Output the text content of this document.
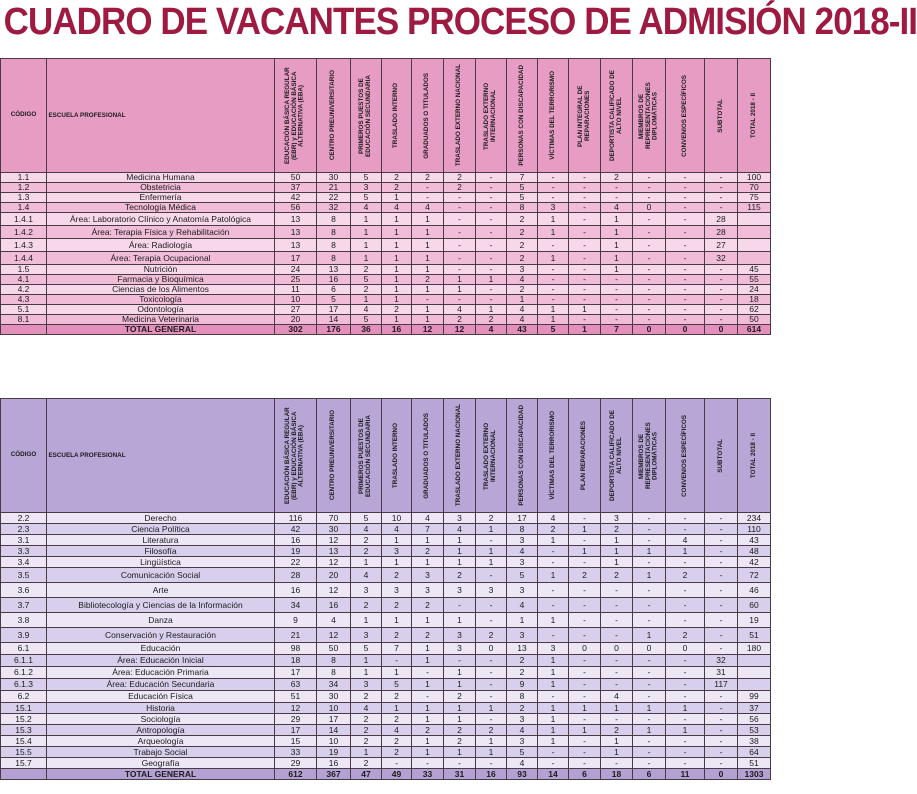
CUADRO DE VACANTES PROCESO DE ADMISIÓN 2018-II
CÓDIGO	ESCUELA PROFESIONAL	EDUCACIÓN BÁSICA REGULAR (EBR) y EDUCACIÓN BÁSICA ALTERNATIVA (EBA)	CENTRO PREUNIVERSITARIO	PRIMEROS PUESTOS DE EDUCACIÓN SECUNDARIA	TRASLADO INTERNO	GRADUADOS O TITULADOS	TRASLADO EXTERNO NACIONAL	TRASLADO EXTERNO INTERNACIONAL	PERSONAS CON DISCAPACIDAD	VÍCTIMAS DEL TERRORISMO	PLAN INTEGRAL DE REPARACIONES	DEPORTISTA CALIFICADO DE ALTO NIVEL	MIEMBROS DE REPRESENTACIONES DIPLOMÁTICAS	CONVENIOS ESPECÍFICOS	SUBTOTAL	TOTAL 2018 - II

1.1	Medicina Humana	50	30	5	2	2	2	-	7	-	-	2	-	-	-	100
1.2	Obstetricia	37	21	3	2	-	2	-	5	-	-	-	-	-	-	70
1.3	Enfermería	42	22	5	1	-	-	-	5	-	-	-	-	-	-	75
1.4	Tecnología Médica	56	32	4	4	4	-	-	8	3	-	4	0	-	-	115
1.4.1	Área: Laboratorio Clínico y Anatomía Patológica	13	8	1	1	1	-	-	2	1	-	1	-	-	28	
1.4.2	Área: Terapia Física y Rehabilitación	13	8	1	1	1	-	-	2	1	-	1	-	-	28	
1.4.3	Área: Radiología	13	8	1	1	1	-	-	2	-	-	1	-	-	27	
1.4.4	Área: Terapia Ocupacional	17	8	1	1	1	-	-	2	1	-	1	-	-	32	
1.5	Nutrición	24	13	2	1	1	-	-	3	-	-	1	-	-	-	45
4.1	Farmacia y Bioquímica	25	16	5	1	2	1	1	4	-	-	-	-	-	-	55
4.2	Ciencias de los Alimentos	11	6	2	1	1	1	-	2	-	-	-	-	-	-	24
4.3	Toxicología	10	5	1	1	-	-	-	1	-	-	-	-	-	-	18
5.1	Odontología	27	17	4	2	1	4	1	4	1	1	-	-	-	-	62
8.1	Medicina Veterinaria	20	14	5	1	1	2	2	4	1	-	-	-	-	-	50
	TOTAL GENERAL	302	176	36	16	12	12	4	43	5	1	7	0	0	0	614
CÓDIGO	ESCUELA PROFESIONAL	EDUCACIÓN BÁSICA REGULAR (EBR) y EDUCACIÓN BÁSICA ALTERNATIVA (EBA)	CENTRO PREUNIVERSITARIO	PRIMEROS PUESTOS DE EDUCACIÓN SECUNDARIA	TRASLADO INTERNO	GRADUADOS O TITULADOS	TRASLADO EXTERNO NACIONAL	TRASLADO EXTERNO INTERNACIONAL	PERSONAS CON DISCAPACIDAD	VÍCTIMAS DEL TERRORISMO	PLAN REPARACIONES	DEPORTISTA CALIFICADO DE ALTO NIVEL	MIEMBROS DE REPRESENTACIONES DIPLOMÁTICAS	CONVENIOS ESPECÍFICOS	SUBTOTAL	TOTAL 2018 - II

2.2	Derecho	116	70	5	10	4	3	2	17	4	-	3	-	-	-	234
2.3	Ciencia Política	42	30	4	4	7	4	1	8	2	1	2	-	-	-	110
3.1	Literatura	16	12	2	1	1	1	-	3	1	-	1	-	4	-	43
3.3	Filosofía	19	13	2	3	2	1	1	4	-	1	1	1	1	-	48
3.4	Lingüística	22	12	1	1	1	1	1	3	-	-	1	-	-	-	42
3.5	Comunicación Social	28	20	4	2	3	2	-	5	1	2	2	1	2	-	72
3.6	Arte	16	12	3	3	3	3	3	3	-	-	-	-	-	-	46
3.7	Bibliotecología y Ciencias de la Información	34	16	2	2	2	-	-	4	-	-	-	-	-	-	60
3.8	Danza	9	4	1	1	1	1	-	1	1	-	-	-	-	-	19
3.9	Conservación y Restauración	21	12	3	2	2	3	2	3	-	-	-	1	2	-	51
6.1	Educación	98	50	5	7	1	3	0	13	3	0	0	0	0	-	180
6.1.1	Área: Educación Inicial	18	8	1	-	1	-	-	2	1	-	-	-	-	32	
6.1.2	Área: Educación Primaria	17	8	1	1	-	1	-	2	1	-	-	-	-	31	
6.1.3	Área: Educación Secundaria	63	34	3	5	1	1	-	9	1	-	-	-	-	117	
6.2	Educación Física	51	30	2	2	-	2	-	8	-	-	4	-	-	-	99
15.1	Historia	12	10	4	1	1	1	1	2	1	1	1	1	1	-	37
15.2	Sociología	29	17	2	2	1	1	-	3	1	-	-	-	-	-	56
15.3	Antropología	17	14	2	4	2	2	2	4	1	1	2	1	1	-	53
15.4	Arqueología	15	10	2	2	1	2	1	3	1	-	1	-	-	-	38
15.5	Trabajo Social	33	19	1	2	1	1	1	5	-	-	1	-	-	-	64
15.7	Geografía	29	16	2	-	-	-	-	4	-	-	-	-	-	-	51
	TOTAL GENERAL	612	367	47	49	33	31	16	93	14	6	18	6	11	0	1303
